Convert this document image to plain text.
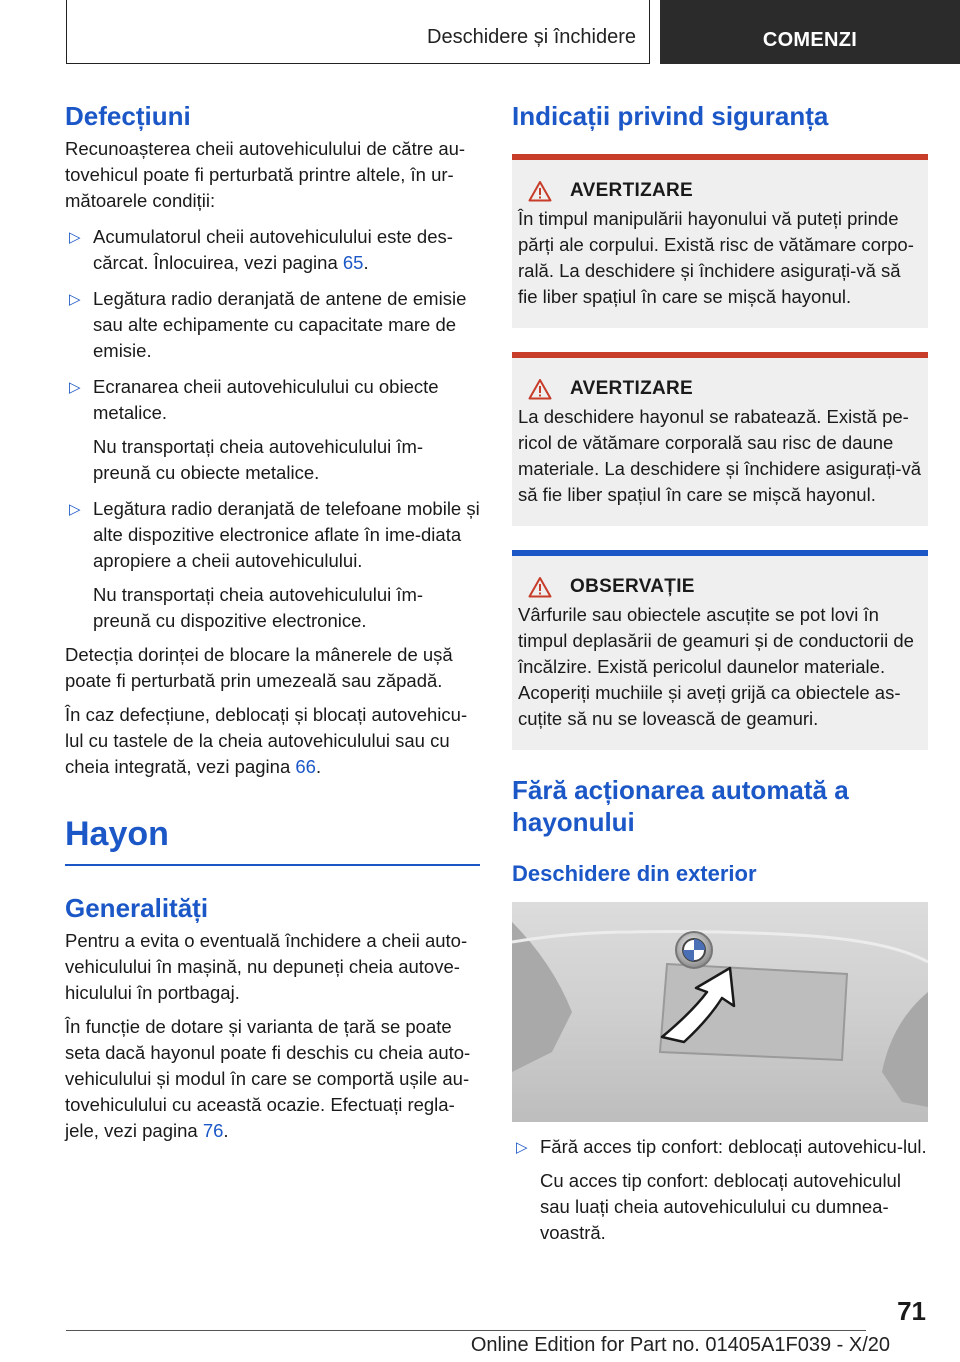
Deschidere și închidere	COMENZI
Defecțiuni

Recunoașterea cheii autovehiculului de către au-tovehicul poate fi perturbată printre altele, în ur-mătoarele condiții:

▷ Acumulatorul cheii autovehiculului este des-cărcat. Înlocuirea, vezi pagina 65.
▷ Legătura radio deranjată de antene de emisie sau alte echipamente cu capacitate mare de emisie.
▷ Ecranarea cheii autovehiculului cu obiecte metalice.
Nu transportați cheia autovehiculului îm-preună cu obiecte metalice.
▷ Legătura radio deranjată de telefoane mobile și alte dispozitive electronice aflate în ime-diata apropiere a cheii autovehiculului.
Nu transportați cheia autovehiculului îm-preună cu dispozitive electronice.

Detecția dorinței de blocare la mânerele de ușă poate fi perturbată prin umezeală sau zăpadă.

În caz defecțiune, deblocați și blocați autovehicu-lul cu tastele de la cheia autovehiculului sau cu cheia integrată, vezi pagina 66.

Hayon
Generalități

Pentru a evita o eventuală închidere a cheii auto-vehiculului în mașină, nu depuneți cheia autove-hiculului în portbagaj.

În funcție de dotare și varianta de țară se poate seta dacă hayonul poate fi deschis cu cheia auto-vehiculului și modul în care se comportă ușile au-tovehiculului cu această ocazie. Efectuați regla-jele, vezi pagina 76.

Indicații privind siguranța
AVERTIZARE

În timpul manipulării hayonului vă puteți prinde părți ale corpului. Există risc de vătămare corpo-rală. La deschidere și închidere asigurați-vă să fie liber spațiul în care se mișcă hayonul.

AVERTIZARE

La deschidere hayonul se rabatează. Există pe-ricol de vătămare corporală sau risc de daune materiale. La deschidere și închidere asigurați-vă să fie liber spațiul în care se mișcă hayonul.

OBSERVAȚIE

Vârfurile sau obiectele ascuțite se pot lovi în timpul deplasării de geamuri și de conductorii de încălzire. Există pericolul daunelor materiale. Acoperiți muchiile și aveți grijă ca obiectele as-cuțite să nu se lovească de geamuri.

Fără acționarea automată a hayonului
Deschidere din exterior
▷ Fără acces tip confort: deblocați autovehicu-lul.
Cu acces tip confort: deblocați autovehiculul sau luați cheia autovehiculului cu dumnea-voastră.
71
Online Edition for Part no. 01405A1F039 - X/20
